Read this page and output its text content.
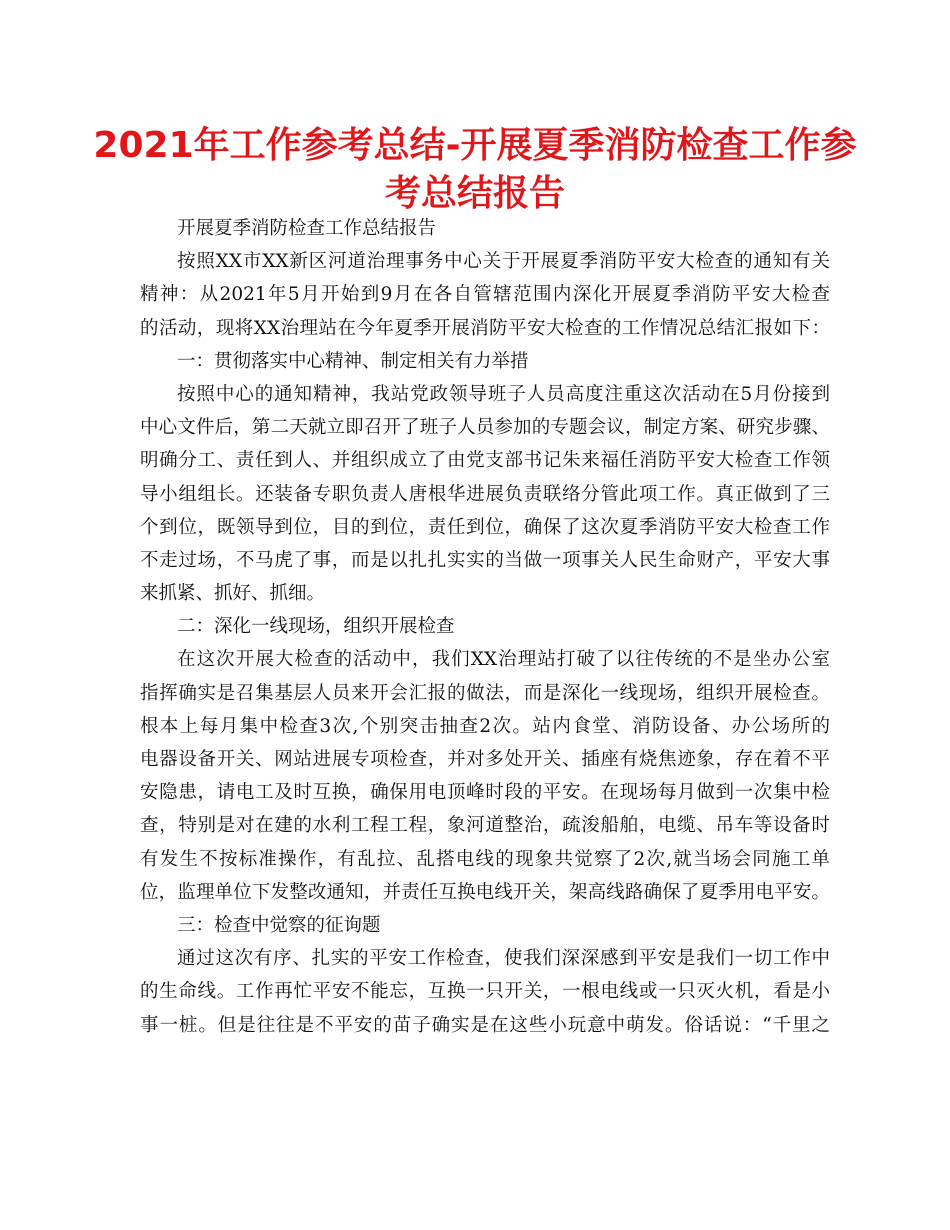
2021年工作参考总结-开展夏季消防检查工作参
考总结报告
开展夏季消防检查工作总结报告
按照XX市XX新区河道治理事务中心关于开展夏季消防平安大检查的通知有关
精神：从2021年5月开始到9月在各自管辖范围内深化开展夏季消防平安大检查
的活动，现将XX治理站在今年夏季开展消防平安大检查的工作情况总结汇报如下：
一：贯彻落实中心精神、制定相关有力举措
按照中心的通知精神，我站党政领导班子人员高度注重这次活动在5月份接到
中心文件后，第二天就立即召开了班子人员参加的专题会议，制定方案、研究步骤、
明确分工、责任到人、并组织成立了由党支部书记朱来福任消防平安大检查工作领
导小组组长。还装备专职负责人唐根华进展负责联络分管此项工作。真正做到了三
个到位，既领导到位，目的到位，责任到位，确保了这次夏季消防平安大检查工作
不走过场，不马虎了事，而是以扎扎实实的当做一项事关人民生命财产，平安大事
来抓紧、抓好、抓细。
二：深化一线现场，组织开展检查
在这次开展大检查的活动中，我们XX治理站打破了以往传统的不是坐办公室
指挥确实是召集基层人员来开会汇报的做法，而是深化一线现场，组织开展检查。
根本上每月集中检查3次,个别突击抽查2次。站内食堂、消防设备、办公场所的
电器设备开关、网站进展专项检查，并对多处开关、插座有烧焦迹象，存在着不平
安隐患，请电工及时互换，确保用电顶峰时段的平安。在现场每月做到一次集中检
查，特别是对在建的水利工程工程，象河道整治，疏浚船舶，电缆、吊车等设备时
有发生不按标准操作，有乱拉、乱搭电线的现象共觉察了2次,就当场会同施工单
位，监理单位下发整改通知，并责任互换电线开关，架高线路确保了夏季用电平安。
三：检查中觉察的征询题
通过这次有序、扎实的平安工作检查，使我们深深感到平安是我们一切工作中
的生命线。工作再忙平安不能忘，互换一只开关，一根电线或一只灭火机，看是小
事一桩。但是往往是不平安的苗子确实是在这些小玩意中萌发。俗话说：“千里之
